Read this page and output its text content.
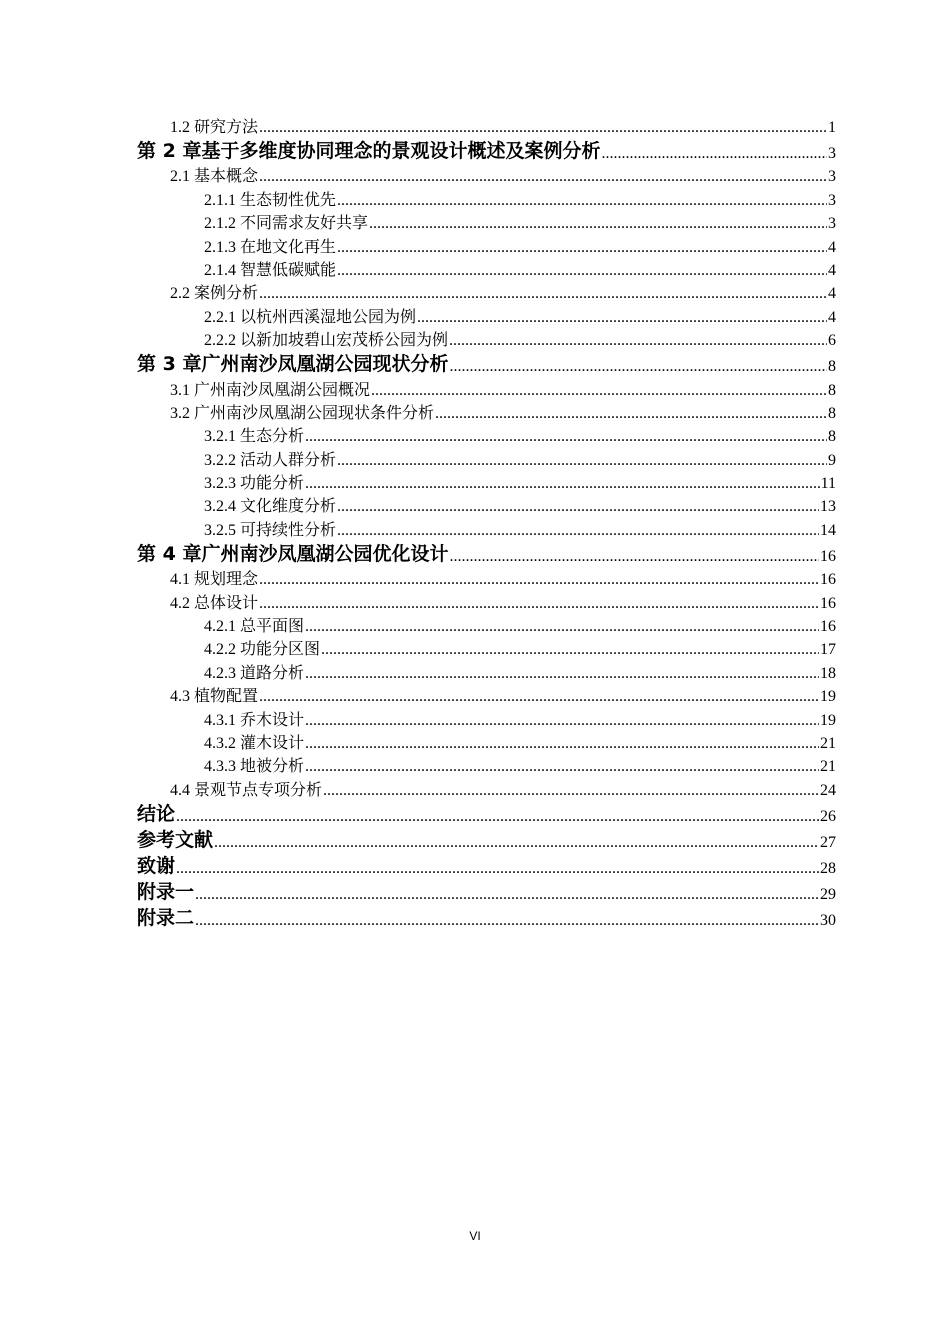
1.2 研究方法 .....	1
第 2 章基于多维度协同理念的景观设计概述及案例分析 .....	3
2.1 基本概念 .....	3
2.1.1 生态韧性优先 .....	3
2.1.2 不同需求友好共享 .....	3
2.1.3 在地文化再生 .....	4
2.1.4 智慧低碳赋能 .....	4
2.2 案例分析 .....	4
2.2.1 以杭州西溪湿地公园为例 .....	4
2.2.2 以新加坡碧山宏茂桥公园为例 .....	6
第 3 章广州南沙凤凰湖公园现状分析 .....	8
3.1 广州南沙凤凰湖公园概况 .....	8
3.2 广州南沙凤凰湖公园现状条件分析 .....	8
3.2.1 生态分析 .....	8
3.2.2 活动人群分析 .....	9
3.2.3 功能分析 .....	11
3.2.4 文化维度分析 .....	13
3.2.5 可持续性分析 .....	14
第 4 章广州南沙凤凰湖公园优化设计 .....	16
4.1 规划理念 .....	16
4.2 总体设计 .....	16
4.2.1 总平面图 .....	16
4.2.2 功能分区图 .....	17
4.2.3 道路分析 .....	18
4.3 植物配置 .....	19
4.3.1 乔木设计 .....	19
4.3.2 灌木设计 .....	21
4.3.3 地被分析 .....	21
4.4 景观节点专项分析 .....	24
结论 .....	26
参考文献 .....	27
致谢 .....	28
附录一 .....	29
附录二 .....	30
VI
